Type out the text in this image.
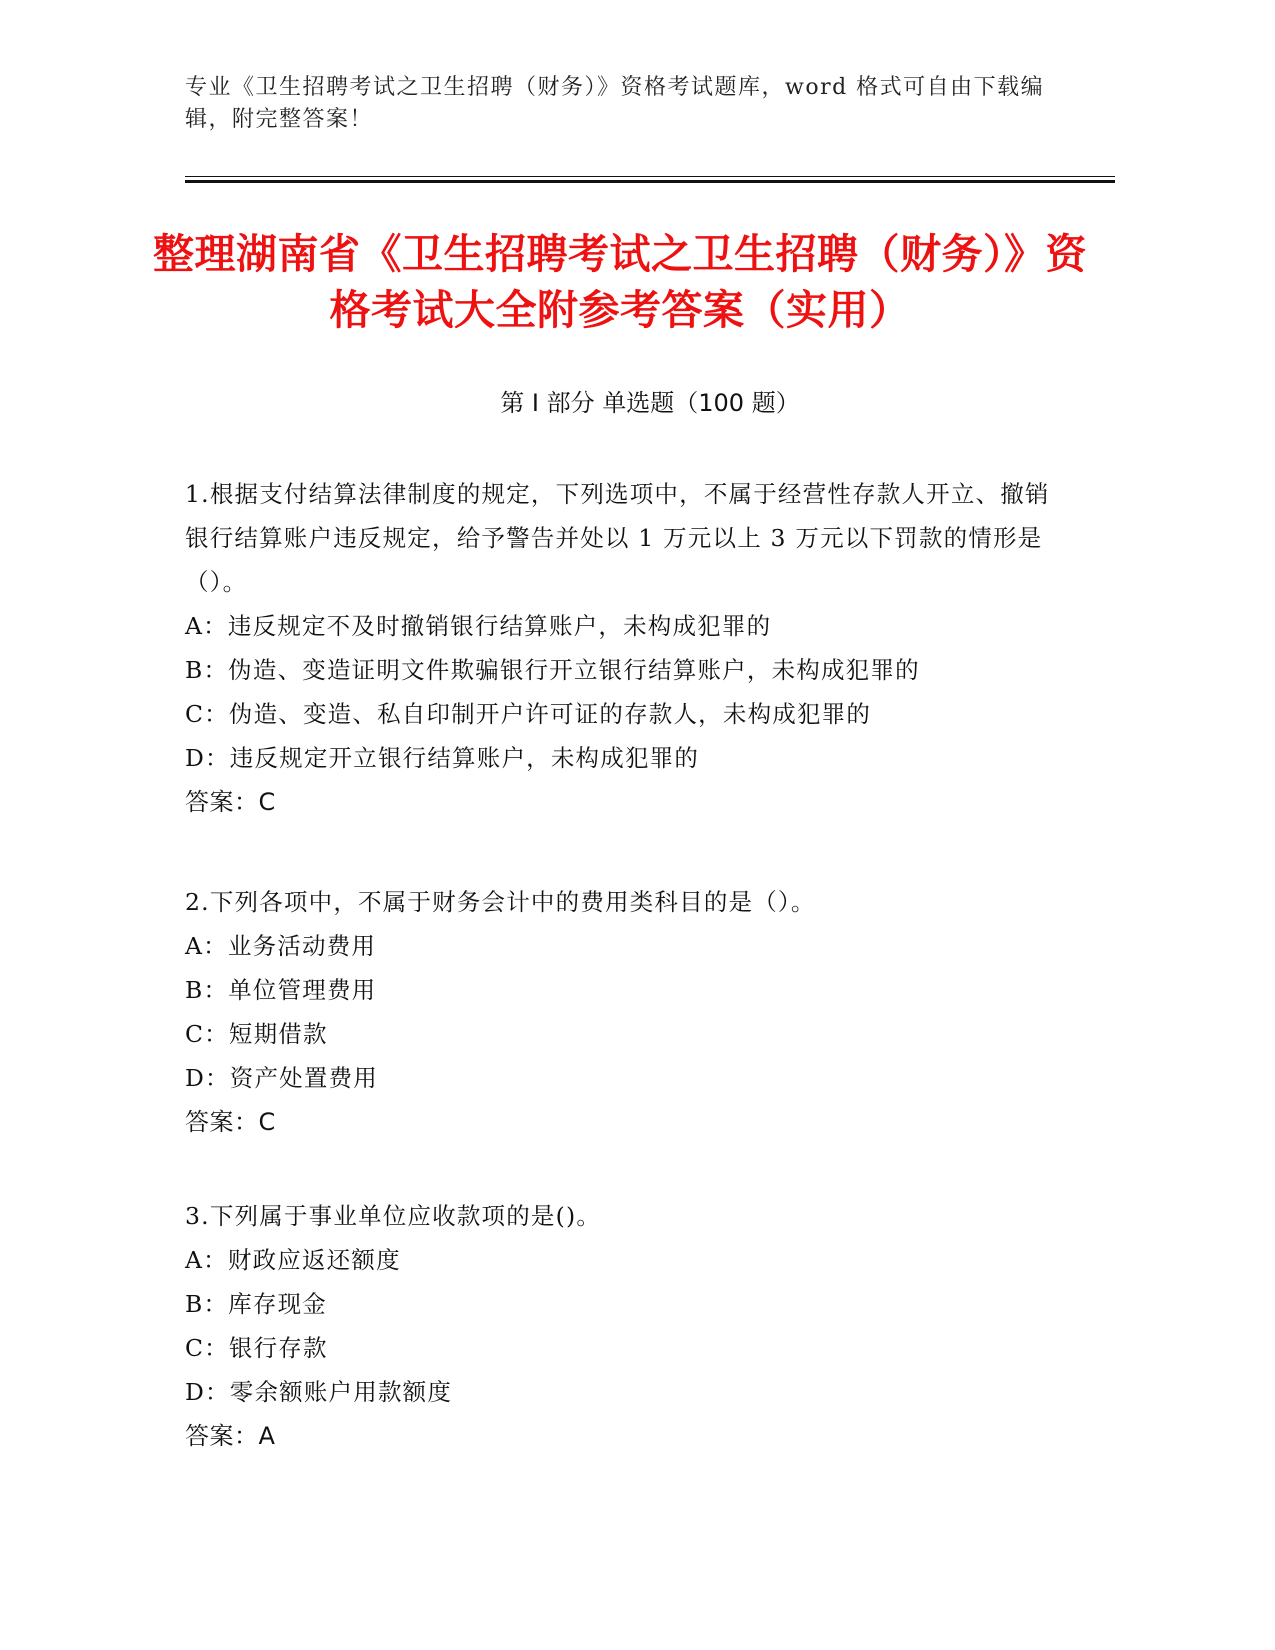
专业《卫生招聘考试之卫生招聘（财务）》资格考试题库，word 格式可自由下载编辑，附完整答案！
整理湖南省《卫生招聘考试之卫生招聘（财务）》资格考试大全附参考答案（实用）
第 I 部分 单选题（100 题）
1.根据支付结算法律制度的规定，下列选项中，不属于经营性存款人开立、撤销银行结算账户违反规定，给予警告并处以 1 万元以上 3 万元以下罚款的情形是（）。
A：违反规定不及时撤销银行结算账户，未构成犯罪的
B：伪造、变造证明文件欺骗银行开立银行结算账户，未构成犯罪的
C：伪造、变造、私自印制开户许可证的存款人，未构成犯罪的
D：违反规定开立银行结算账户，未构成犯罪的
答案：C
2.下列各项中，不属于财务会计中的费用类科目的是（）。
A：业务活动费用
B：单位管理费用
C：短期借款
D：资产处置费用
答案：C
3.下列属于事业单位应收款项的是()。
A：财政应返还额度
B：库存现金
C：银行存款
D：零余额账户用款额度
答案：A
